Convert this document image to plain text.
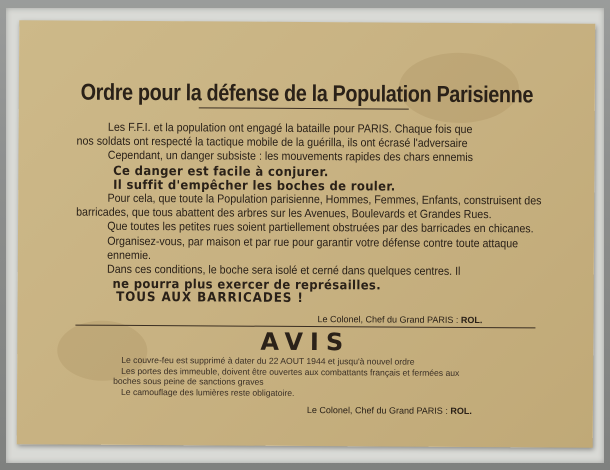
Ordre pour la défense de la Population Parisienne

Les F.F.I. et la population ont engagé la bataille pour PARIS. Chaque fois que

nos soldats ont respecté la tactique mobile de la guérilla, ils ont écrasé l'adversaire

Cependant, un danger subsiste : les mouvements rapides des chars ennemis

Ce danger est facile à conjurer.

Il suffit d'empêcher les boches de rouler.

Pour cela, que toute la Population parisienne, Hommes, Femmes, Enfants, construisent des

barricades, que tous abattent des arbres sur les Avenues, Boulevards et Grandes Rues.

Que toutes les petites rues soient partiellement obstruées par des barricades en chicanes.

Organisez-vous, par maison et par rue pour garantir votre défense contre toute attaque ennemie.

Dans ces conditions, le boche sera isolé et cerné dans quelques centres. Il

ne pourra plus exercer de représailles.

TOUS AUX BARRICADES !

Le Colonel, Chef du Grand PARIS : ROL.
AVIS

Le couvre-feu est supprimé à dater du 22 AOUT 1944 et jusqu'à nouvel ordre

Les portes des immeuble, doivent être ouvertes aux combattants français et fermées aux

boches sous peine de sanctions graves

Le camouflage des lumières reste obligatoire.

Le Colonel, Chef du Grand PARIS : ROL.
